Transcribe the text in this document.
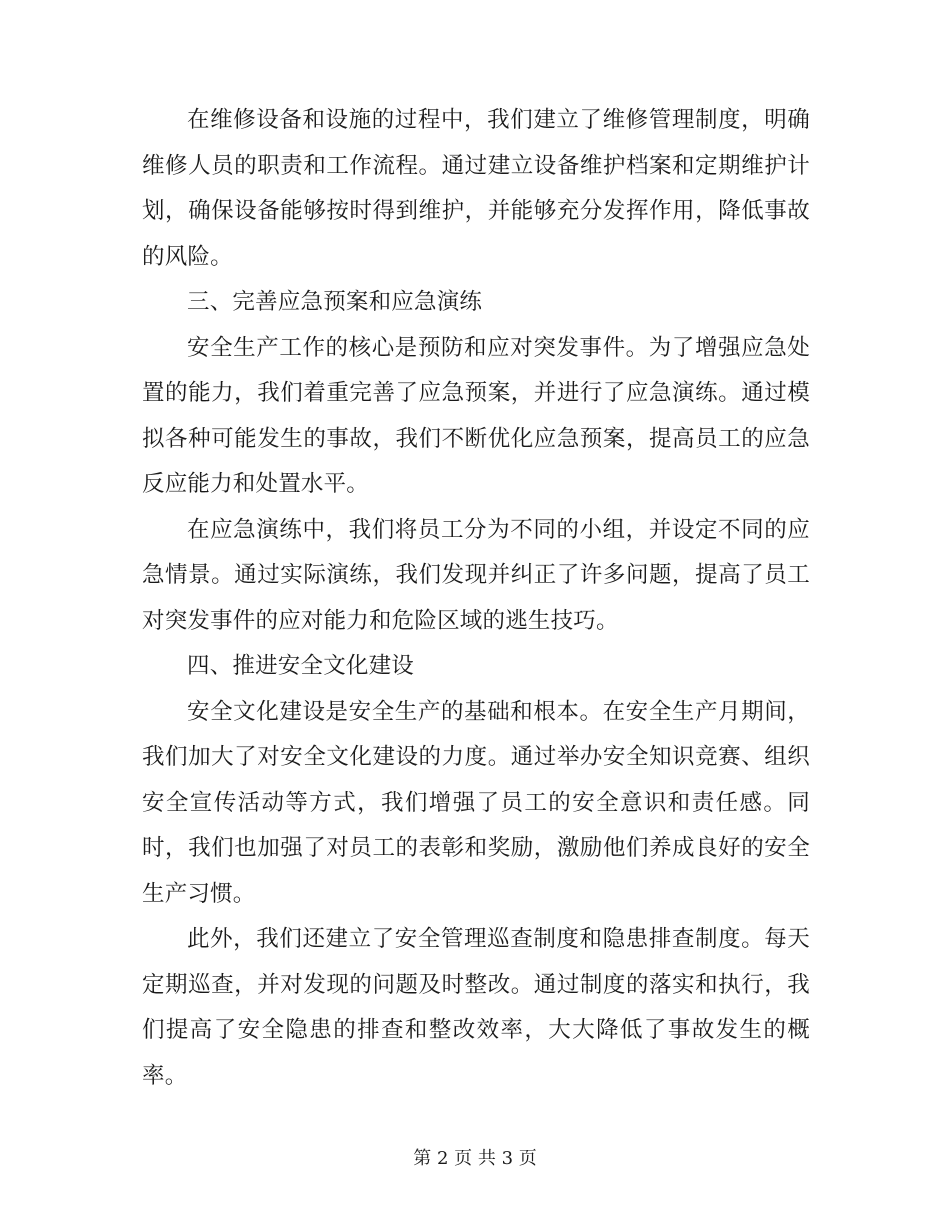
在维修设备和设施的过程中，我们建立了维修管理制度，明确维修人员的职责和工作流程。通过建立设备维护档案和定期维护计划，确保设备能够按时得到维护，并能够充分发挥作用，降低事故的风险。

三、完善应急预案和应急演练

安全生产工作的核心是预防和应对突发事件。为了增强应急处置的能力，我们着重完善了应急预案，并进行了应急演练。通过模拟各种可能发生的事故，我们不断优化应急预案，提高员工的应急反应能力和处置水平。

在应急演练中，我们将员工分为不同的小组，并设定不同的应急情景。通过实际演练，我们发现并纠正了许多问题，提高了员工对突发事件的应对能力和危险区域的逃生技巧。

四、推进安全文化建设

安全文化建设是安全生产的基础和根本。在安全生产月期间，我们加大了对安全文化建设的力度。通过举办安全知识竞赛、组织安全宣传活动等方式，我们增强了员工的安全意识和责任感。同时，我们也加强了对员工的表彰和奖励，激励他们养成良好的安全生产习惯。

此外，我们还建立了安全管理巡查制度和隐患排查制度。每天定期巡查，并对发现的问题及时整改。通过制度的落实和执行，我们提高了安全隐患的排查和整改效率，大大降低了事故发生的概率。

第 2 页 共 3 页
